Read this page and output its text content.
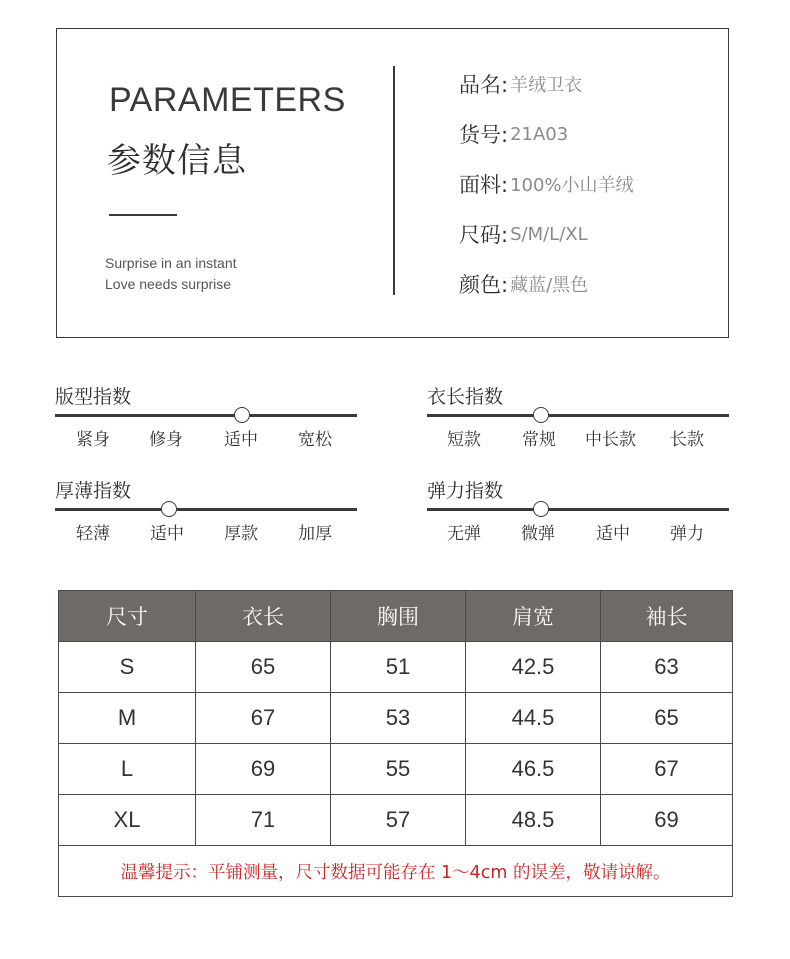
PARAMETERS
参数信息
Surprise in an instant
Love needs surprise
品名: 羊绒卫衣
货号: 21A03
面料: 100%小山羊绒
尺码: S/M/L/XL
颜色: 藏蓝/黑色
版型指数
紧身 修身 适中 宽松
衣长指数
短款 常规 中长款 长款
厚薄指数
轻薄 适中 厚款 加厚
弹力指数
无弹 微弹 适中 弹力
尺寸	衣长	胸围	肩宽	袖长
S	65	51	42.5	63
M	67	53	44.5	65
L	69	55	46.5	67
XL	71	57	48.5	69
温馨提示：平铺测量，尺寸数据可能存在 1～4cm 的误差，敬请谅解。				
